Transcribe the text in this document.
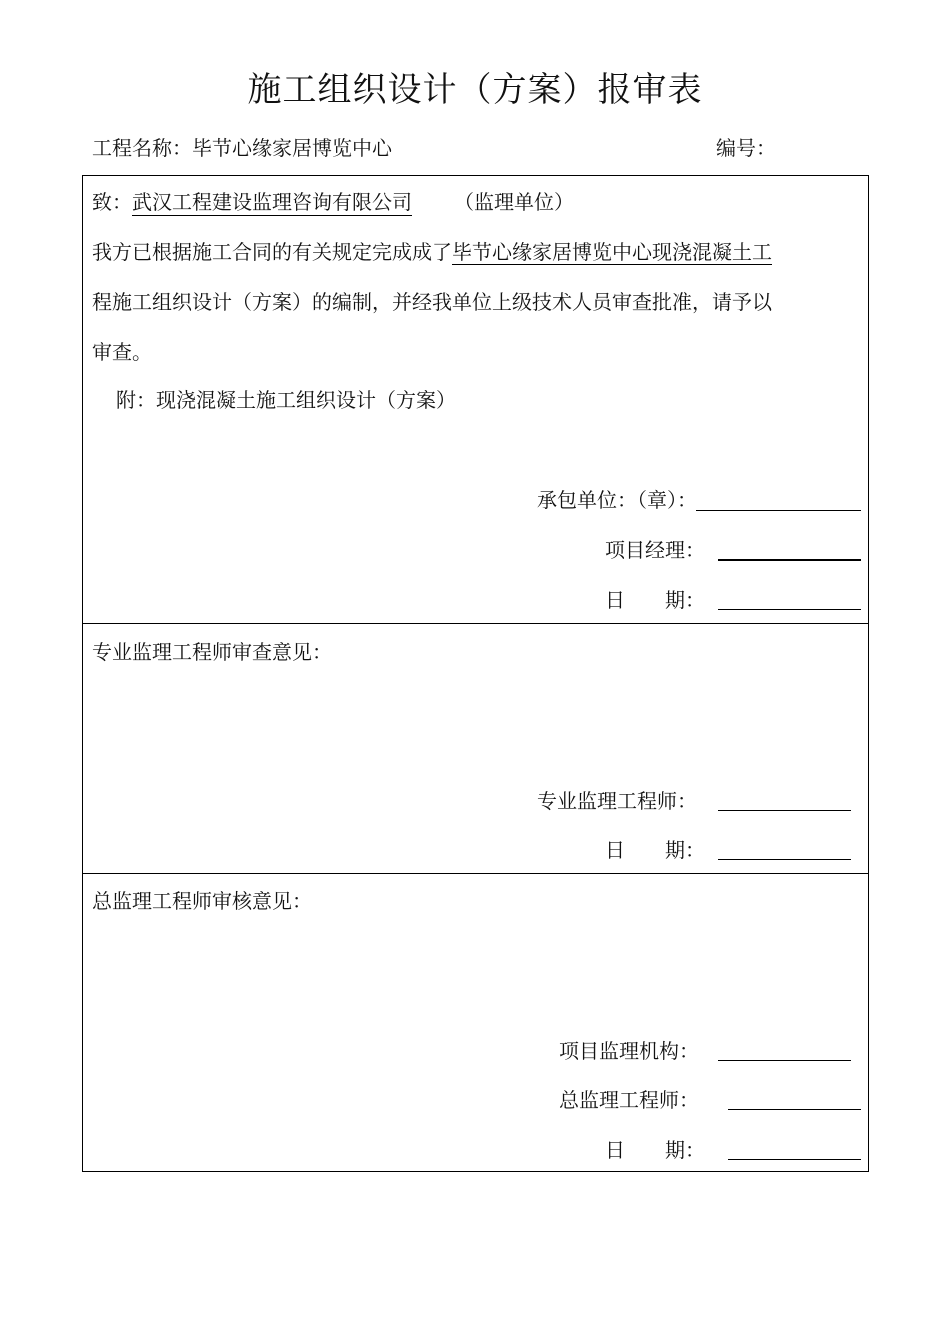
施工组织设计（方案）报审表
工程名称：毕节心缘家居博览中心	编号：
致：武汉工程建设监理咨询有限公司 （监理单位）
我方已根据施工合同的有关规定完成成了毕节心缘家居博览中心现浇混凝土工
程施工组织设计（方案）的编制，并经我单位上级技术人员审查批准，请予以
审查。
附：现浇混凝土施工组织设计（方案）
承包单位：（章）：
项目经理：
日　　期：
专业监理工程师审查意见：
专业监理工程师：
日　　期：
总监理工程师审核意见：
项目监理机构：
总监理工程师：
日　　期：
